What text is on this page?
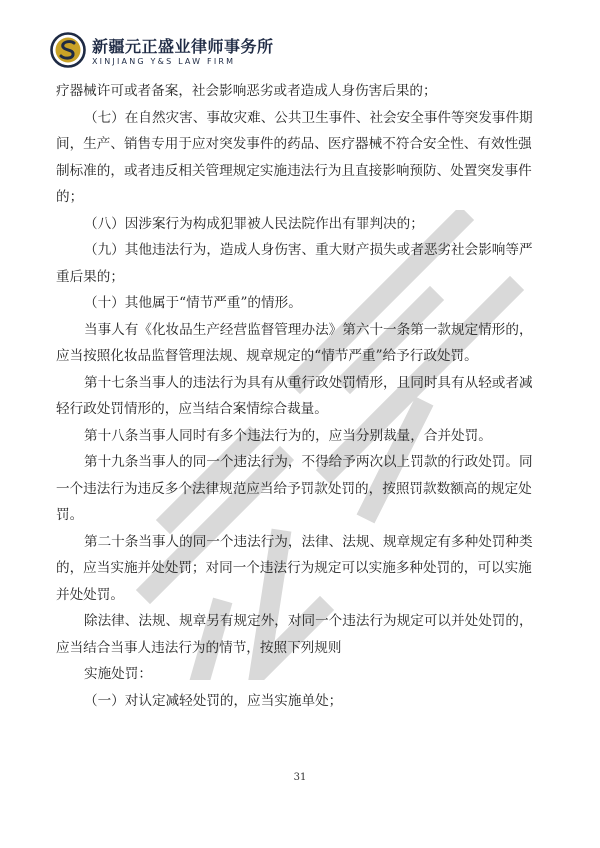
新疆元正盛业律师事务所
XINJIANG Y&S LAW FIRM

疗器械许可或者备案，社会影响恶劣或者造成人身伤害后果的；

（七）在自然灾害、事故灾难、公共卫生事件、社会安全事件等突发事件期

间，生产、销售专用于应对突发事件的药品、医疗器械不符合安全性、有效性强

制标准的，或者违反相关管理规定实施违法行为且直接影响预防、处置突发事件

的；

（八）因涉案行为构成犯罪被人民法院作出有罪判决的；

（九）其他违法行为，造成人身伤害、重大财产损失或者恶劣社会影响等严

重后果的；

（十）其他属于“情节严重”的情形。

当事人有《化妆品生产经营监督管理办法》第六十一条第一款规定情形的，

应当按照化妆品监督管理法规、规章规定的“情节严重”给予行政处罚。

第十七条当事人的违法行为具有从重行政处罚情形，且同时具有从轻或者减

轻行政处罚情形的，应当结合案情综合裁量。

第十八条当事人同时有多个违法行为的，应当分别裁量，合并处罚。

第十九条当事人的同一个违法行为，不得给予两次以上罚款的行政处罚。同

一个违法行为违反多个法律规范应当给予罚款处罚的，按照罚款数额高的规定处

罚。

第二十条当事人的同一个违法行为，法律、法规、规章规定有多种处罚种类

的，应当实施并处处罚；对同一个违法行为规定可以实施多种处罚的，可以实施

并处处罚。

除法律、法规、规章另有规定外，对同一个违法行为规定可以并处处罚的，

应当结合当事人违法行为的情节，按照下列规则

实施处罚：

（一）对认定减轻处罚的，应当实施单处；

31
